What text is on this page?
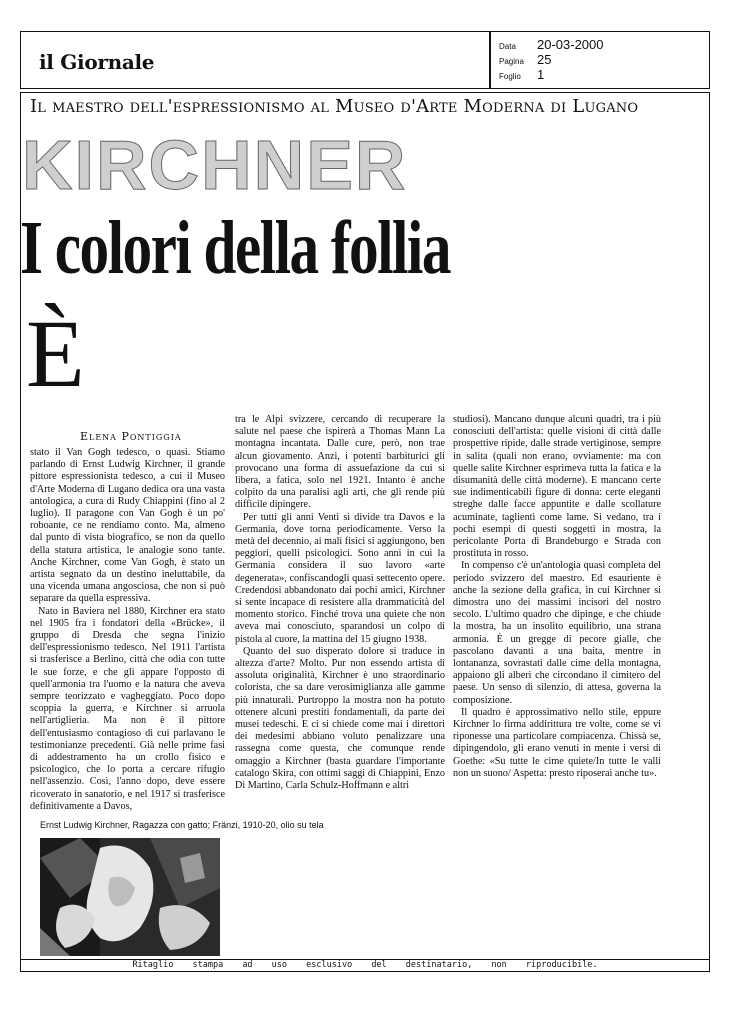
il Giornale
Data 20-03-2000
Pagina 25
Foglio 1
Il maestro dell'espressionismo al Museo d'Arte Moderna di Lugano
KIRCHNER
I colori della follia
È
Elena Pontiggia

stato il Van Gogh tedesco, o quasi. Stiamo parlando di Ernst Ludwig Kirchner, il grande pittore espressionista tedesco, a cui il Museo d'Arte Moderna di Lugano dedica ora una vasta antologica, a cura di Rudy Chiappini (fino al 2 luglio). Il paragone con Van Gogh è un po' roboante, ce ne rendiamo conto. Ma, almeno dal punto di vista biografico, se non da quello della statura artistica, le analogie sono tante. Anche Kirchner, come Van Gogh, è stato un artista segnato da un destino ineluttabile, da una vicenda umana angosciosa, che non si può separare da quella espressiva.

Nato in Baviera nel 1880, Kirchner era stato nel 1905 fra i fondatori della «Brücke», il gruppo di Dresda che segna l'inizio dell'espressionismo tedesco. Nel 1911 l'artista si trasferisce a Berlino, città che odia con tutte le sue forze, e che gli appare l'opposto di quell'armonia tra l'uomo e la natura che aveva sempre teorizzato e vagheggiato. Poco dopo scoppia la guerra, e Kirchner si arruola nell'artiglieria. Ma non è il pittore dell'entusiasmo contagioso di cui parlavano le testimonianze precedenti. Già nelle prime fasi di addestramento ha un crollo fisico e psicologico, che lo porta a cercare rifugio nell'assenzio. Così, l'anno dopo, deve essere ricoverato in sanatorio, e nel 1917 si trasferisce definitivamente a Davos,

tra le Alpi svizzere, cercando di recuperare la salute nel paese che ispirerà a Thomas Mann La montagna incantata. Dalle cure, però, non trae alcun giovamento. Anzi, i potenti barbiturici gli provocano una forma di assuefazione da cui si libera, a fatica, solo nel 1921. Intanto è anche colpito da una paralisi agli arti, che gli rende più difficile dipingere.

Per tutti gli anni Venti si divide tra Davos e la Germania, dove torna periodicamente. Verso la metà del decennio, ai mali fisici si aggiungono, ben peggiori, quelli psicologici. Sono anni in cui la Germania considera il suo lavoro «arte degenerata», confiscandogli quasi settecento opere. Credendosi abbandonato dai pochi amici, Kirchner si sente incapace di resistere alla drammaticità del momento storico. Finché trova una quiete che non aveva mai conosciuto, sparandosi un colpo di pistola al cuore, la mattina del 15 giugno 1938.

Quanto del suo disperato dolore si traduce in altezza d'arte? Molto. Pur non essendo artista di assoluta originalità, Kirchner è uno straordinario colorista, che sa dare verosimiglianza alle gamme più innaturali. Purtroppo la mostra non ha potuto ottenere alcuni prestiti fondamentali, da parte dei musei tedeschi. E ci si chiede come mai i direttori dei medesimi abbiano voluto penalizzare una rassegna come questa, che comunque rende omaggio a Kirchner (basta guardare l'importante catalogo Skira, con ottimi saggi di Chiappini, Enzo Di Martino, Carla Schulz-Hoffmann e altri

studiosi). Mancano dunque alcuni quadri, tra i più conosciuti dell'artista: quelle visioni di città dalle prospettive ripide, dalle strade vertiginose, sempre in salita (quali non erano, ovviamente: ma con quelle salite Kirchner esprimeva tutta la fatica e la disumanità delle città moderne). E mancano certe sue indimenticabili figure di donna: certe eleganti streghe dalle facce appuntite e dalle scollature acuminate, taglienti come lame. Si vedano, tra i pochi esempi di questi soggetti in mostra, la pericolante Porta di Brandeburgo e Strada con prostituta in rosso.

In compenso c'è un'antologia quasi completa del periodo svizzero del maestro. Ed esauriente è anche la sezione della grafica, in cui Kirchner si dimostra uno dei massimi incisori del nostro secolo. L'ultimo quadro che dipinge, e che chiude la mostra, ha un insolito equilibrio, una strana armonia. È un gregge di pecore gialle, che pascolano davanti a una baita, mentre in lontananza, sovrastati dalle cime della montagna, appaiono gli alberi che circondano il cimitero del paese. Un senso di silenzio, di attesa, governa la composizione.

Il quadro è approssimativo nello stile, eppure Kirchner lo firma addirittura tre volte, come se vi riponesse una particolare compiacenza. Chissà se, dipingendolo, gli erano venuti in mente i versi di Goethe: «Su tutte le cime quiete/In tutte le valli non un suono/ Aspetta: presto riposerai anche tu».

Ernst Ludwig Kirchner, Ragazza con gatto; Fränzi, 1910-20, olio su tela
Ritaglio stampa ad uso esclusivo del destinatario, non riproducibile.
